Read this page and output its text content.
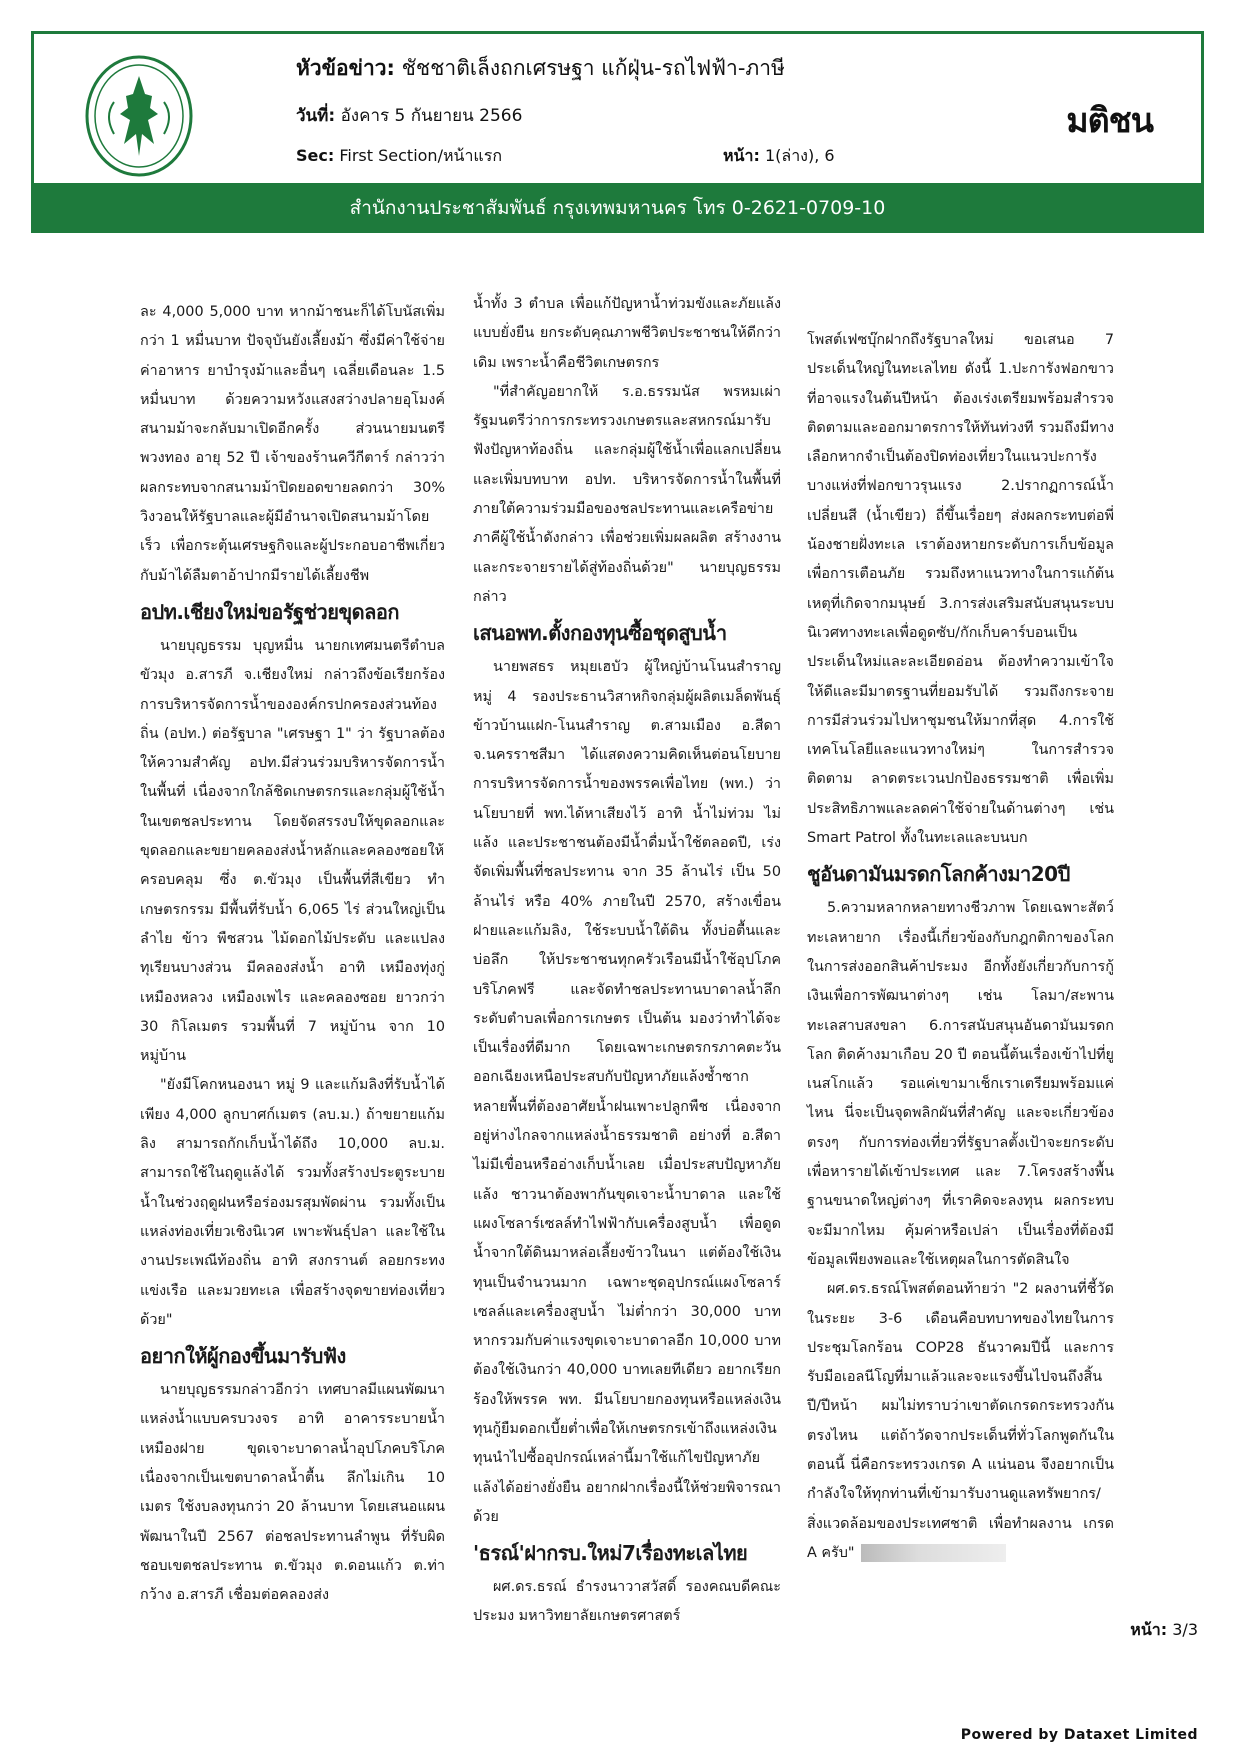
หัวข้อข่าว: ชัชชาติเล็งถกเศรษฐา แก้ฝุ่น-รถไฟฟ้า-ภาษี
วันที่: อังคาร 5 กันยายน 2566
Sec: First Section/หน้าแรก	หน้า: 1(ล่าง), 6
มติชน
สำนักงานประชาสัมพันธ์ กรุงเทพมหานคร โทร 0-2621-0709-10

ละ 4,000 5,000 บาท หากม้าชนะก็ได้โบนัสเพิ่มกว่า 1 หมื่นบาท ปัจจุบันยังเลี้ยงม้า ซึ่งมีค่าใช้จ่ายค่าอาหาร ยาบำรุงม้าและอื่นๆ เฉลี่ยเดือนละ 1.5 หมื่นบาท ด้วยความหวังแสงสว่างปลายอุโมงค์ สนามม้าจะกลับมาเปิดอีกครั้ง ส่วนนายมนตรี พวงทอง อายุ 52 ปี เจ้าของร้านควีกีตาร์ กล่าวว่า ผลกระทบจากสนามม้าปิดยอดขายลดกว่า 30% วิงวอนให้รัฐบาลและผู้มีอำนาจเปิดสนามม้าโดยเร็ว เพื่อกระตุ้นเศรษฐกิจและผู้ประกอบอาชีพเกี่ยวกับม้าได้ลืมตาอ้าปากมีรายได้เลี้ยงชีพ

อปท.เชียงใหม่ขอรัฐช่วยขุดลอก

นายบุญธรรม บุญหมื่น นายกเทศมนตรีตำบลขัวมุง อ.สารภี จ.เชียงใหม่ กล่าวถึงข้อเรียกร้องการบริหารจัดการน้ำขององค์กรปกครองส่วนท้องถิ่น (อปท.) ต่อรัฐบาล "เศรษฐา 1" ว่า รัฐบาลต้องให้ความสำคัญ อปท.มีส่วนร่วมบริหารจัดการน้ำในพื้นที่ เนื่องจากใกล้ชิดเกษตรกรและกลุ่มผู้ใช้น้ำในเขตชลประทาน โดยจัดสรรงบให้ขุดลอกและขุดลอกและขยายคลองส่งน้ำหลักและคลองซอยให้ครอบคลุม ซึ่ง ต.ขัวมุง เป็นพื้นที่สีเขียว ทำเกษตรกรรม มีพื้นที่รับน้ำ 6,065 ไร่ ส่วนใหญ่เป็นลำไย ข้าว พืชสวน ไม้ดอกไม้ประดับ และแปลงทุเรียนบางส่วน มีคลองส่งน้ำ อาทิ เหมืองทุ่งกู่ เหมืองหลวง เหมืองเพไร และคลองซอย ยาวกว่า 30 กิโลเมตร รวมพื้นที่ 7 หมู่บ้าน จาก 10 หมู่บ้าน

"ยังมีโคกหนองนา หมู่ 9 และแก้มลิงที่รับน้ำได้เพียง 4,000 ลูกบาศก์เมตร (ลบ.ม.) ถ้าขยายแก้มลิง สามารถกักเก็บน้ำได้ถึง 10,000 ลบ.ม. สามารถใช้ในฤดูแล้งได้ รวมทั้งสร้างประตูระบายน้ำในช่วงฤดูฝนหรือร่องมรสุมพัดผ่าน รวมทั้งเป็นแหล่งท่องเที่ยวเชิงนิเวศ เพาะพันธุ์ปลา และใช้ในงานประเพณีท้องถิ่น อาทิ สงกรานต์ ลอยกระทง แข่งเรือ และมวยทะเล เพื่อสร้างจุดขายท่องเที่ยวด้วย"

อยากให้ผู้กองขึ้นมารับฟัง

นายบุญธรรมกล่าวอีกว่า เทศบาลมีแผนพัฒนาแหล่งน้ำแบบครบวงจร อาทิ อาคารระบายน้ำเหมืองฝาย ขุดเจาะบาดาลน้ำอุปโภคบริโภค เนื่องจากเป็นเขตบาดาลน้ำตื้น ลึกไม่เกิน 10 เมตร ใช้งบลงทุนกว่า 20 ล้านบาท โดยเสนอแผนพัฒนาในปี 2567 ต่อชลประทานลำพูน ที่รับผิดชอบเขตชลประทาน ต.ขัวมุง ต.ดอนแก้ว ต.ท่ากว้าง อ.สารภี เชื่อมต่อคลองส่ง

น้ำทั้ง 3 ตำบล เพื่อแก้ปัญหาน้ำท่วมขังและภัยแล้งแบบยั่งยืน ยกระดับคุณภาพชีวิตประชาชนให้ดีกว่าเดิม เพราะน้ำคือชีวิตเกษตรกร

"ที่สำคัญอยากให้ ร.อ.ธรรมนัส พรหมเผ่า รัฐมนตรีว่าการกระทรวงเกษตรและสหกรณ์มารับฟังปัญหาท้องถิ่น และกลุ่มผู้ใช้น้ำเพื่อแลกเปลี่ยนและเพิ่มบทบาท อปท. บริหารจัดการน้ำในพื้นที่ ภายใต้ความร่วมมือของชลประทานและเครือข่ายภาคีผู้ใช้น้ำดังกล่าว เพื่อช่วยเพิ่มผลผลิต สร้างงานและกระจายรายได้สู่ท้องถิ่นด้วย" นายบุญธรรมกล่าว

เสนอพท.ตั้งกองทุนซื้อชุดสูบน้ำ

นายพสธร หมุยเฮบัว ผู้ใหญ่บ้านโนนสำราญ หมู่ 4 รองประธานวิสาหกิจกลุ่มผู้ผลิตเมล็ดพันธุ์ข้าวบ้านแฝก-โนนสำราญ ต.สามเมือง อ.สีดา จ.นครราชสีมา ได้แสดงความคิดเห็นต่อนโยบายการบริหารจัดการน้ำของพรรคเพื่อไทย (พท.) ว่า นโยบายที่ พท.ได้หาเสียงไว้ อาทิ น้ำไม่ท่วม ไม่แล้ง และประชาชนต้องมีน้ำดื่มน้ำใช้ตลอดปี, เร่งจัดเพิ่มพื้นที่ชลประทาน จาก 35 ล้านไร่ เป็น 50 ล้านไร่ หรือ 40% ภายในปี 2570, สร้างเขื่อน ฝายและแก้มลิง, ใช้ระบบน้ำใต้ดิน ทั้งบ่อตื้นและบ่อลึก ให้ประชาชนทุกครัวเรือนมีน้ำใช้อุปโภคบริโภคฟรี และจัดทำชลประทานบาดาลน้ำลึกระดับตำบลเพื่อการเกษตร เป็นต้น มองว่าทำได้จะเป็นเรื่องที่ดีมาก โดยเฉพาะเกษตรกรภาคตะวันออกเฉียงเหนือประสบกับปัญหาภัยแล้งซ้ำซาก หลายพื้นที่ต้องอาศัยน้ำฝนเพาะปลูกพืช เนื่องจากอยู่ห่างไกลจากแหล่งน้ำธรรมชาติ อย่างที่ อ.สีดา ไม่มีเขื่อนหรืออ่างเก็บน้ำเลย เมื่อประสบปัญหาภัยแล้ง ชาวนาต้องพากันขุดเจาะน้ำบาดาล และใช้แผงโซลาร์เซลล์ทำไฟฟ้ากับเครื่องสูบน้ำ เพื่อดูดน้ำจากใต้ดินมาหล่อเลี้ยงข้าวในนา แต่ต้องใช้เงินทุนเป็นจำนวนมาก เฉพาะชุดอุปกรณ์แผงโซลาร์เซลล์และเครื่องสูบน้ำ ไม่ต่ำกว่า 30,000 บาท หากรวมกับค่าแรงขุดเจาะบาดาลอีก 10,000 บาท ต้องใช้เงินกว่า 40,000 บาทเลยทีเดียว อยากเรียกร้องให้พรรค พท. มีนโยบายกองทุนหรือแหล่งเงินทุนกู้ยืมดอกเบี้ยต่ำเพื่อให้เกษตรกรเข้าถึงแหล่งเงินทุนนำไปซื้ออุปกรณ์เหล่านี้มาใช้แก้ไขปัญหาภัยแล้งได้อย่างยั่งยืน อยากฝากเรื่องนี้ให้ช่วยพิจารณาด้วย

'ธรณ์'ฝากรบ.ใหม่7เรื่องทะเลไทย

ผศ.ดร.ธรณ์ ธำรงนาวาสวัสดิ์ รองคณบดีคณะประมง มหาวิทยาลัยเกษตรศาสตร์

โพสต์เฟซบุ๊กฝากถึงรัฐบาลใหม่ ขอเสนอ 7 ประเด็นใหญ่ในทะเลไทย ดังนี้ 1.ปะการังฟอกขาวที่อาจแรงในต้นปีหน้า ต้องเร่งเตรียมพร้อมสำรวจติดตามและออกมาตรการให้ทันท่วงที รวมถึงมีทางเลือกหากจำเป็นต้องปิดท่องเที่ยวในแนวปะการังบางแห่งที่ฟอกขาวรุนแรง 2.ปรากฏการณ์น้ำเปลี่ยนสี (น้ำเขียว) ถี่ขึ้นเรื่อยๆ ส่งผลกระทบต่อพี่น้องชายฝั่งทะเล เราต้องหายกระดับการเก็บข้อมูลเพื่อการเตือนภัย รวมถึงหาแนวทางในการแก้ต้นเหตุที่เกิดจากมนุษย์ 3.การส่งเสริมสนับสนุนระบบนิเวศทางทะเลเพื่อดูดซับ/กักเก็บคาร์บอนเป็นประเด็นใหม่และละเอียดอ่อน ต้องทำความเข้าใจให้ดีและมีมาตรฐานที่ยอมรับได้ รวมถึงกระจายการมีส่วนร่วมไปหาชุมชนให้มากที่สุด 4.การใช้เทคโนโลยีและแนวทางใหม่ๆ ในการสำรวจติดตาม ลาดตระเวนปกป้องธรรมชาติ เพื่อเพิ่มประสิทธิภาพและลดค่าใช้จ่ายในด้านต่างๆ เช่น Smart Patrol ทั้งในทะเลและบนบก

ชูอันดามันมรดกโลกค้างมา20ปี

5.ความหลากหลายทางชีวภาพ โดยเฉพาะสัตว์ทะเลหายาก เรื่องนี้เกี่ยวข้องกับกฎกติกาของโลกในการส่งออกสินค้าประมง อีกทั้งยังเกี่ยวกับการกู้เงินเพื่อการพัฒนาต่างๆ เช่น โลมา/สะพานทะเลสาบสงขลา 6.การสนับสนุนอันดามันมรดกโลก ติดค้างมาเกือบ 20 ปี ตอนนี้ต้นเรื่องเข้าไปที่ยูเนสโกแล้ว รอแค่เขามาเช็กเราเตรียมพร้อมแค่ไหน นี่จะเป็นจุดพลิกผันที่สำคัญ และจะเกี่ยวข้องตรงๆ กับการท่องเที่ยวที่รัฐบาลตั้งเป้าจะยกระดับเพื่อหารายได้เข้าประเทศ และ 7.โครงสร้างพื้นฐานขนาดใหญ่ต่างๆ ที่เราคิดจะลงทุน ผลกระทบจะมีมากไหม คุ้มค่าหรือเปล่า เป็นเรื่องที่ต้องมีข้อมูลเพียงพอและใช้เหตุผลในการตัดสินใจ

ผศ.ดร.ธรณ์โพสต์ตอนท้ายว่า "2 ผลงานที่ชี้วัดในระยะ 3-6 เดือนคือบทบาทของไทยในการประชุมโลกร้อน COP28 ธันวาคมปีนี้ และการรับมือเอลนีโญที่มาแล้วและจะแรงขึ้นไปจนถึงสิ้นปี/ปีหน้า ผมไม่ทราบว่าเขาตัดเกรดกระทรวงกันตรงไหน แต่ถ้าวัดจากประเด็นที่ทั่วโลกพูดกันในตอนนี้ นี่คือกระทรวงเกรด A แน่นอน จึงอยากเป็นกำลังใจให้ทุกท่านที่เข้ามารับงานดูแลทรัพยากร/สิ่งแวดล้อมของประเทศชาติ เพื่อทำผลงาน เกรด A ครับ"

หน้า: 3/3
Powered by Dataxet Limited
